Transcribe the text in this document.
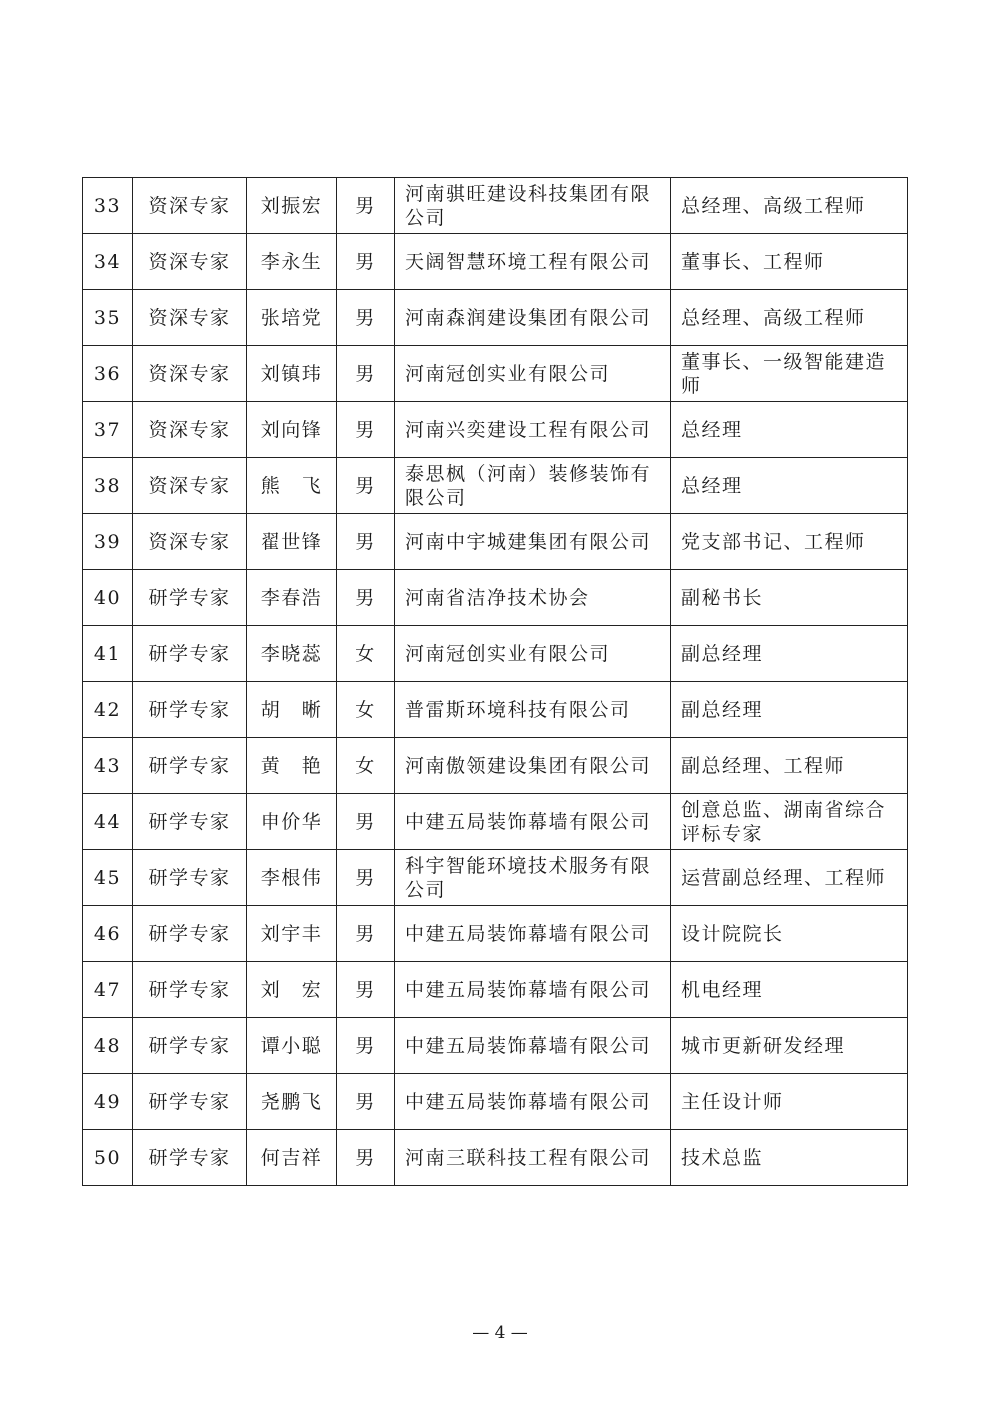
33	资深专家	刘振宏	男	河南骐旺建设科技集团有限公司	总经理、高级工程师
34	资深专家	李永生	男	天阔智慧环境工程有限公司	董事长、工程师
35	资深专家	张培党	男	河南森润建设集团有限公司	总经理、高级工程师
36	资深专家	刘镇玮	男	河南冠创实业有限公司	董事长、一级智能建造师
37	资深专家	刘向锋	男	河南兴奕建设工程有限公司	总经理
38	资深专家	熊　飞	男	泰思枫（河南）装修装饰有限公司	总经理
39	资深专家	翟世锋	男	河南中宇城建集团有限公司	党支部书记、工程师
40	研学专家	李春浩	男	河南省洁净技术协会	副秘书长
41	研学专家	李晓蕊	女	河南冠创实业有限公司	副总经理
42	研学专家	胡　晰	女	普雷斯环境科技有限公司	副总经理
43	研学专家	黄　艳	女	河南傲领建设集团有限公司	副总经理、工程师
44	研学专家	申价华	男	中建五局装饰幕墙有限公司	创意总监、湖南省综合评标专家
45	研学专家	李根伟	男	科宇智能环境技术服务有限公司	运营副总经理、工程师
46	研学专家	刘宇丰	男	中建五局装饰幕墙有限公司	设计院院长
47	研学专家	刘　宏	男	中建五局装饰幕墙有限公司	机电经理
48	研学专家	谭小聪	男	中建五局装饰幕墙有限公司	城市更新研发经理
49	研学专家	尧鹏飞	男	中建五局装饰幕墙有限公司	主任设计师
50	研学专家	何吉祥	男	河南三联科技工程有限公司	技术总监
— 4 —
